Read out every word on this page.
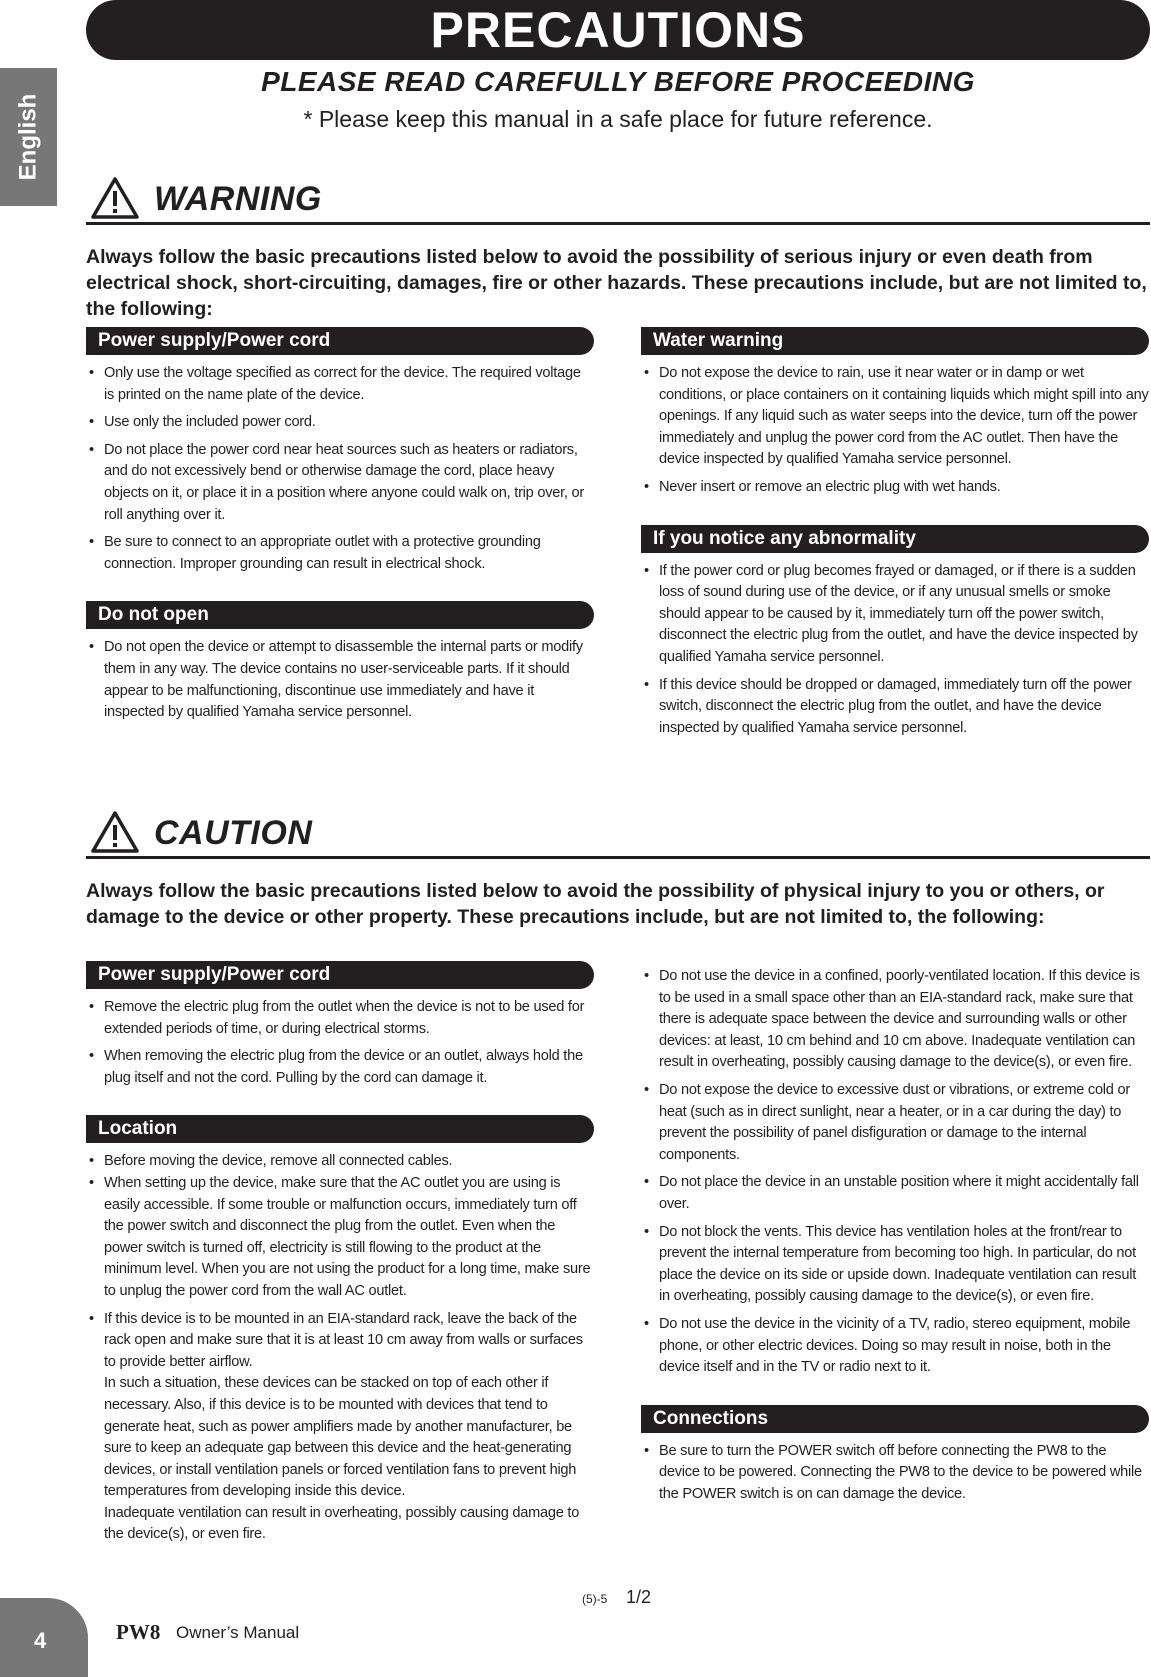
English
PRECAUTIONS
PLEASE READ CAREFULLY BEFORE PROCEEDING
* Please keep this manual in a safe place for future reference.
WARNING
Always follow the basic precautions listed below to avoid the possibility of serious injury or even death from electrical shock, short-circuiting, damages, fire or other hazards. These precautions include, but are not limited to, the following:
Power supply/Power cord
• Only use the voltage specified as correct for the device. The required voltage is printed on the name plate of the device.
• Use only the included power cord.
• Do not place the power cord near heat sources such as heaters or radiators, and do not excessively bend or otherwise damage the cord, place heavy objects on it, or place it in a position where anyone could walk on, trip over, or roll anything over it.
• Be sure to connect to an appropriate outlet with a protective grounding connection. Improper grounding can result in electrical shock.
Do not open
• Do not open the device or attempt to disassemble the internal parts or modify them in any way. The device contains no user-serviceable parts. If it should appear to be malfunctioning, discontinue use immediately and have it inspected by qualified Yamaha service personnel.
Water warning
• Do not expose the device to rain, use it near water or in damp or wet conditions, or place containers on it containing liquids which might spill into any openings. If any liquid such as water seeps into the device, turn off the power immediately and unplug the power cord from the AC outlet. Then have the device inspected by qualified Yamaha service personnel.
• Never insert or remove an electric plug with wet hands.
If you notice any abnormality
• If the power cord or plug becomes frayed or damaged, or if there is a sudden loss of sound during use of the device, or if any unusual smells or smoke should appear to be caused by it, immediately turn off the power switch, disconnect the electric plug from the outlet, and have the device inspected by qualified Yamaha service personnel.
• If this device should be dropped or damaged, immediately turn off the power switch, disconnect the electric plug from the outlet, and have the device inspected by qualified Yamaha service personnel.
CAUTION
Always follow the basic precautions listed below to avoid the possibility of physical injury to you or others, or damage to the device or other property. These precautions include, but are not limited to, the following:
Power supply/Power cord
• Remove the electric plug from the outlet when the device is not to be used for extended periods of time, or during electrical storms.
• When removing the electric plug from the device or an outlet, always hold the plug itself and not the cord. Pulling by the cord can damage it.
Location
• Before moving the device, remove all connected cables.
• When setting up the device, make sure that the AC outlet you are using is easily accessible. If some trouble or malfunction occurs, immediately turn off the power switch and disconnect the plug from the outlet. Even when the power switch is turned off, electricity is still flowing to the product at the minimum level. When you are not using the product for a long time, make sure to unplug the power cord from the wall AC outlet.
• If this device is to be mounted in an EIA-standard rack, leave the back of the rack open and make sure that it is at least 10 cm away from walls or surfaces to provide better airflow.
In such a situation, these devices can be stacked on top of each other if necessary. Also, if this device is to be mounted with devices that tend to generate heat, such as power amplifiers made by another manufacturer, be sure to keep an adequate gap between this device and the heat-generating devices, or install ventilation panels or forced ventilation fans to prevent high temperatures from developing inside this device.
Inadequate ventilation can result in overheating, possibly causing damage to the device(s), or even fire.
• Do not use the device in a confined, poorly-ventilated location. If this device is to be used in a small space other than an EIA-standard rack, make sure that there is adequate space between the device and surrounding walls or other devices: at least, 10 cm behind and 10 cm above. Inadequate ventilation can result in overheating, possibly causing damage to the device(s), or even fire.
• Do not expose the device to excessive dust or vibrations, or extreme cold or heat (such as in direct sunlight, near a heater, or in a car during the day) to prevent the possibility of panel disfiguration or damage to the internal components.
• Do not place the device in an unstable position where it might accidentally fall over.
• Do not block the vents. This device has ventilation holes at the front/rear to prevent the internal temperature from becoming too high. In particular, do not place the device on its side or upside down. Inadequate ventilation can result in overheating, possibly causing damage to the device(s), or even fire.
• Do not use the device in the vicinity of a TV, radio, stereo equipment, mobile phone, or other electric devices. Doing so may result in noise, both in the device itself and in the TV or radio next to it.
Connections
• Be sure to turn the POWER switch off before connecting the PW8 to the device to be powered. Connecting the PW8 to the device to be powered while the POWER switch is on can damage the device.
4	PW8 Owner’s Manual
(5)-5 1/2
